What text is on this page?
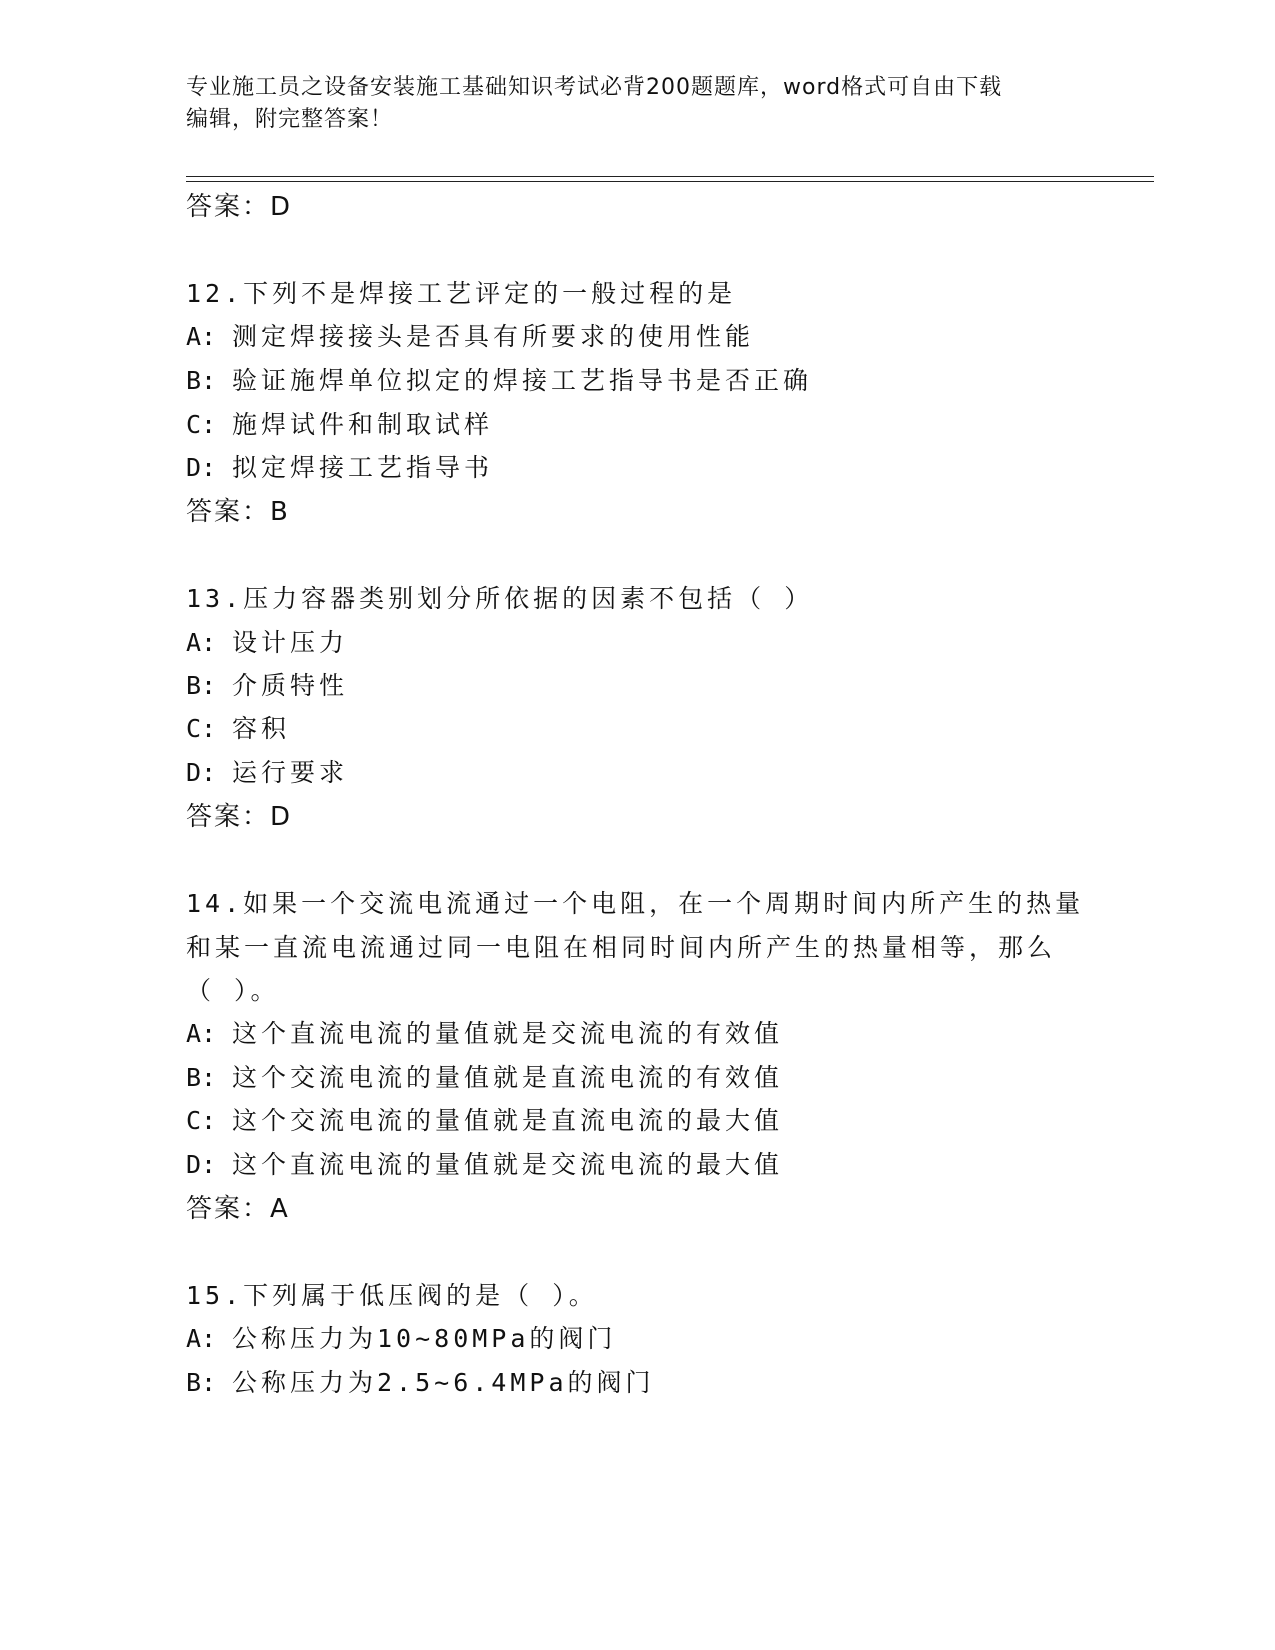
专业施工员之设备安装施工基础知识考试必背200题题库，word格式可自由下载
编辑，附完整答案！
答案：D
12.下列不是焊接工艺评定的一般过程的是
A: 测定焊接接头是否具有所要求的使用性能
B: 验证施焊单位拟定的焊接工艺指导书是否正确
C: 施焊试件和制取试样
D: 拟定焊接工艺指导书
答案：B
13.压力容器类别划分所依据的因素不包括（ ）
A: 设计压力
B: 介质特性
C: 容积
D: 运行要求
答案：D
14.如果一个交流电流通过一个电阻，在一个周期时间内所产生的热量
和某一直流电流通过同一电阻在相同时间内所产生的热量相等，那么
（ ）。
A: 这个直流电流的量值就是交流电流的有效值
B: 这个交流电流的量值就是直流电流的有效值
C: 这个交流电流的量值就是直流电流的最大值
D: 这个直流电流的量值就是交流电流的最大值
答案：A
15.下列属于低压阀的是（ ）。
A: 公称压力为10~80MPa的阀门
B: 公称压力为2.5~6.4MPa的阀门
